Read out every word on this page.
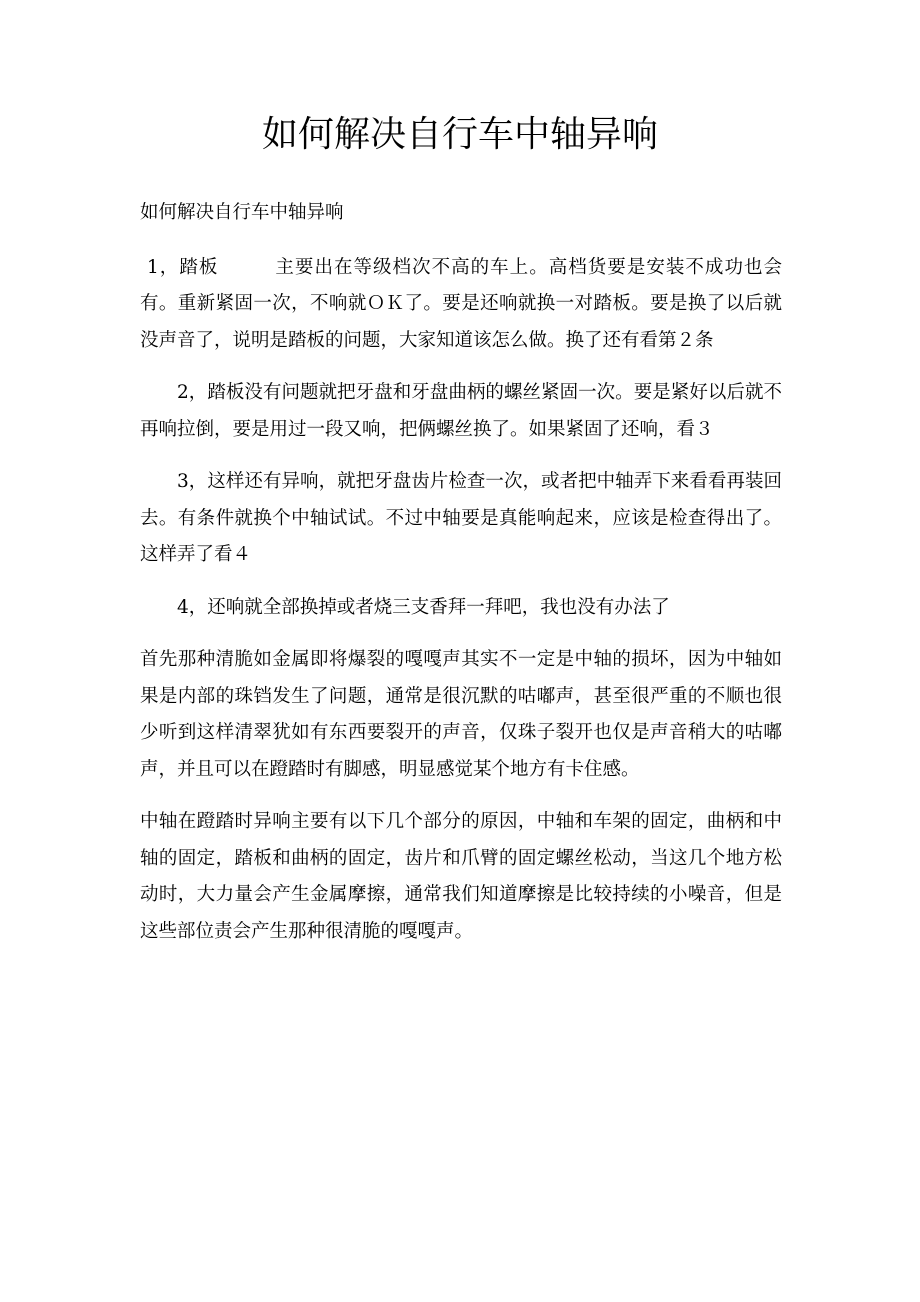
如何解决自行车中轴异响

如何解决自行车中轴异响

1，踏板	主要出在等级档次不高的车上。高档货要是安装不成功也会有。重新紧固一次，不响就ＯＫ了。要是还响就换一对踏板。要是换了以后就没声音了，说明是踏板的问题，大家知道该怎么做。换了还有看第２条

2，踏板没有问题就把牙盘和牙盘曲柄的螺丝紧固一次。要是紧好以后就不再响拉倒，要是用过一段又响，把俩螺丝换了。如果紧固了还响，看３

3，这样还有异响，就把牙盘齿片检查一次，或者把中轴弄下来看看再装回去。有条件就换个中轴试试。不过中轴要是真能响起来，应该是检查得出了。这样弄了看４

4，还响就全部换掉或者烧三支香拜一拜吧，我也没有办法了

首先那种清脆如金属即将爆裂的嘎嘎声其实不一定是中轴的损坏，因为中轴如果是内部的珠铛发生了问题，通常是很沉默的咕嘟声，甚至很严重的不顺也很少听到这样清翠犹如有东西要裂开的声音，仅珠子裂开也仅是声音稍大的咕嘟声，并且可以在蹬踏时有脚感，明显感觉某个地方有卡住感。

中轴在蹬踏时异响主要有以下几个部分的原因，中轴和车架的固定，曲柄和中轴的固定，踏板和曲柄的固定，齿片和爪臂的固定螺丝松动，当这几个地方松动时，大力量会产生金属摩擦，通常我们知道摩擦是比较持续的小噪音，但是这些部位责会产生那种很清脆的嘎嘎声。
